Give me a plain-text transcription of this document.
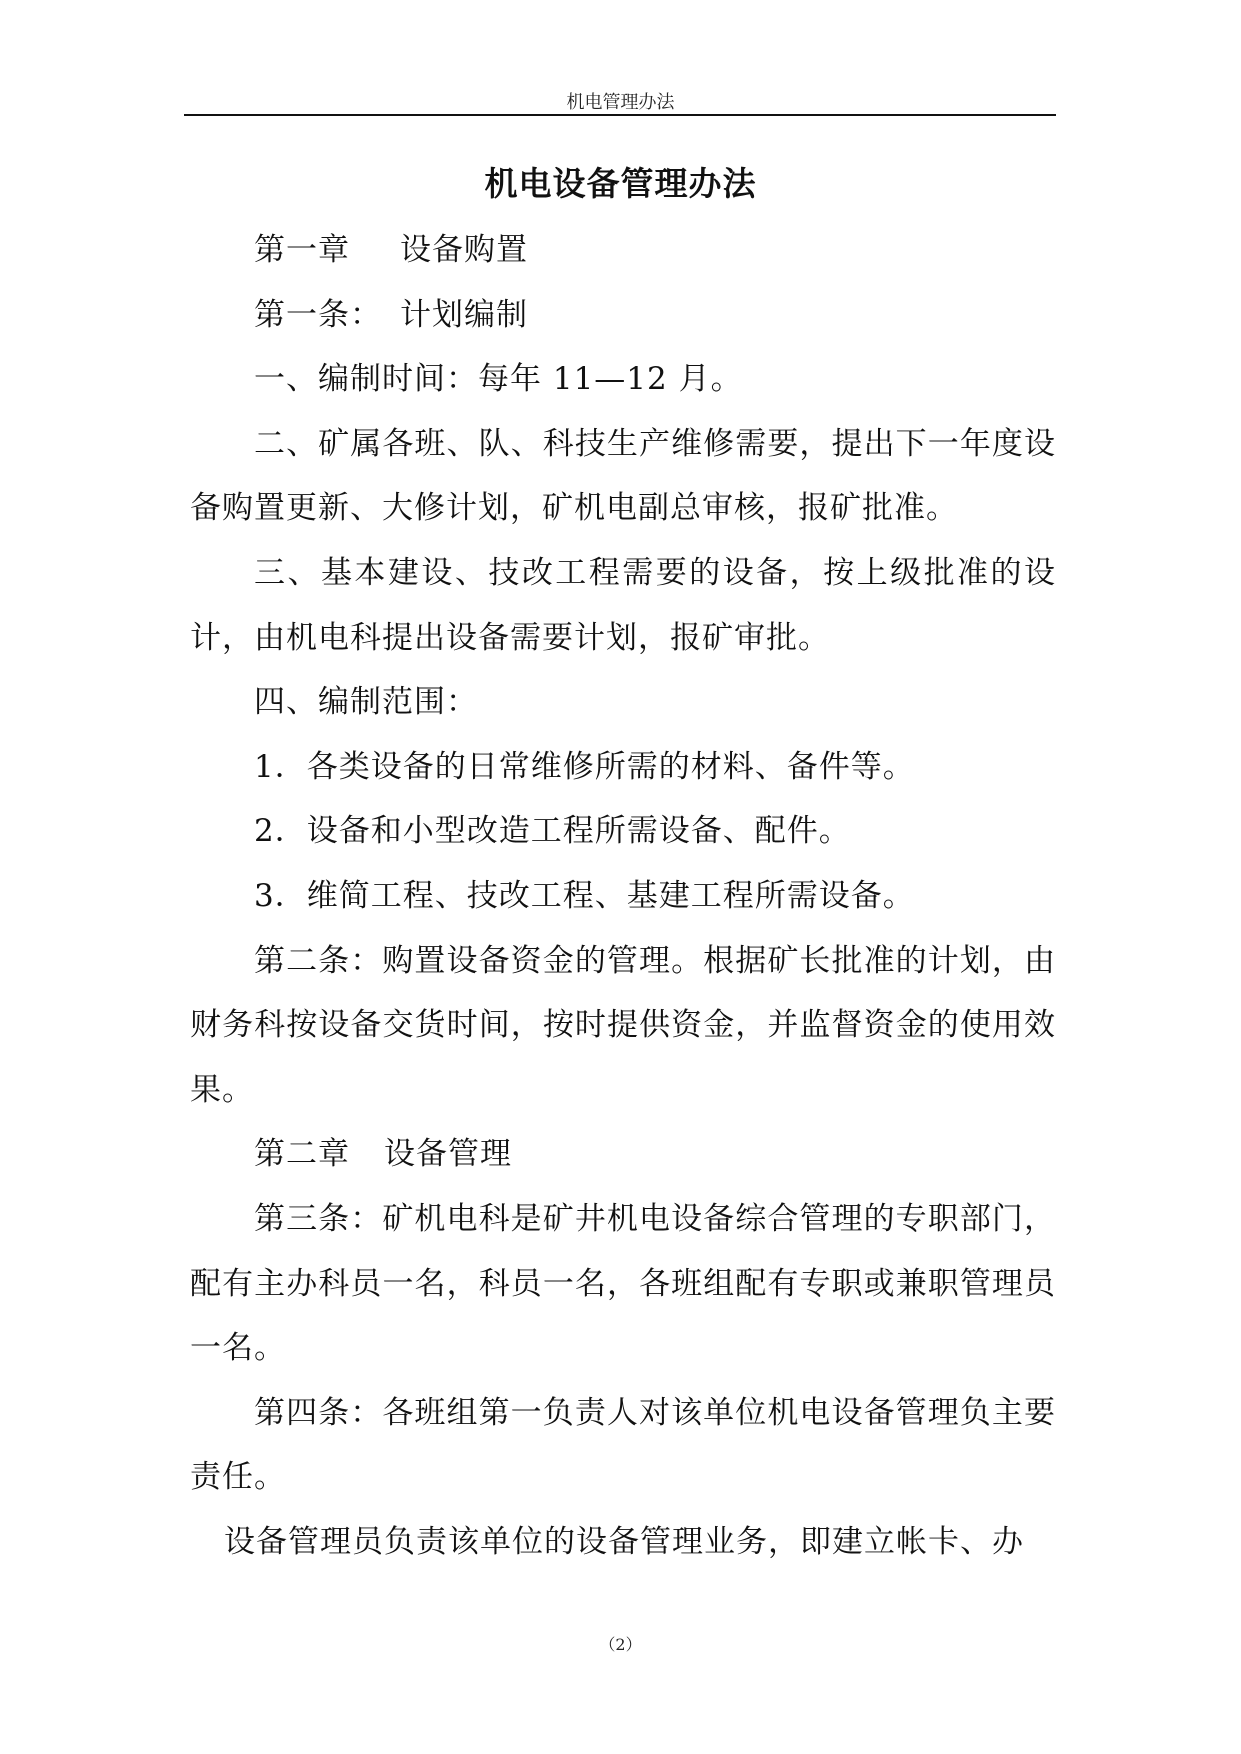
机电管理办法
机电设备管理办法

第一章 设备购置

第一条： 计划编制

一、编制时间：每年 11—12 月。

二、矿属各班、队、科技生产维修需要，提出下一年度设备购置更新、大修计划，矿机电副总审核，报矿批准。

三、基本建设、技改工程需要的设备，按上级批准的设计，由机电科提出设备需要计划，报矿审批。

四、编制范围：

1．各类设备的日常维修所需的材料、备件等。

2．设备和小型改造工程所需设备、配件。

3．维简工程、技改工程、基建工程所需设备。

第二条：购置设备资金的管理。根据矿长批准的计划，由财务科按设备交货时间，按时提供资金，并监督资金的使用效果。

第二章 设备管理

第三条：矿机电科是矿井机电设备综合管理的专职部门，配有主办科员一名，科员一名，各班组配有专职或兼职管理员一名。

第四条：各班组第一负责人对该单位机电设备管理负主要责任。

设备管理员负责该单位的设备管理业务，即建立帐卡、办

（2）
